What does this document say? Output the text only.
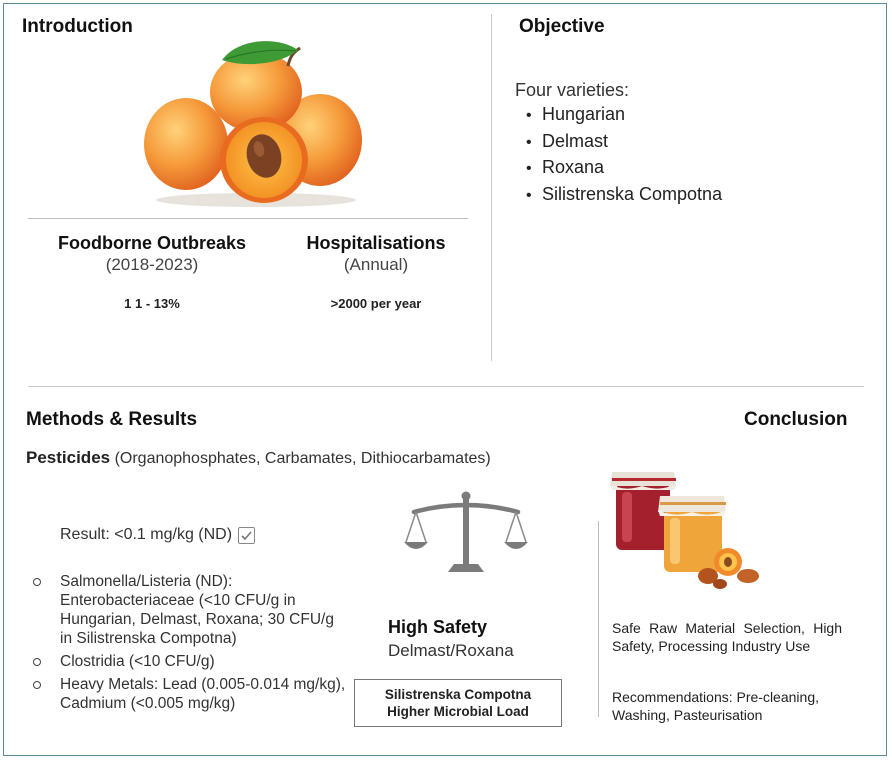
Introduction
Foodborne Outbreaks
(2018-2023)
1 1 - 13%
Hospitalisations
(Annual)
>2000 per year
Objective
Four varieties:
• Hungarian
• Delmast
• Roxana
• Silistrenska Compotna
Methods & Results
Pesticides (Organophosphates, Carbamates, Dithiocarbamates)
Result: <0.1 mg/kg (ND)
Salmonella/Listeria (ND): Enterobacteriaceae (<10 CFU/g in Hungarian, Delmast, Roxana; 30 CFU/g in Silistrenska Compotna)
Clostridia (<10 CFU/g)
Heavy Metals: Lead (0.005-0.014 mg/kg), Cadmium (<0.005 mg/kg)
High Safety
Delmast/Roxana
Silistrenska Compotna
Higher Microbial Load
Conclusion
Safe Raw Material Selection, High Safety, Processing Industry Use
Recommendations: Pre-cleaning, Washing, Pasteurisation
